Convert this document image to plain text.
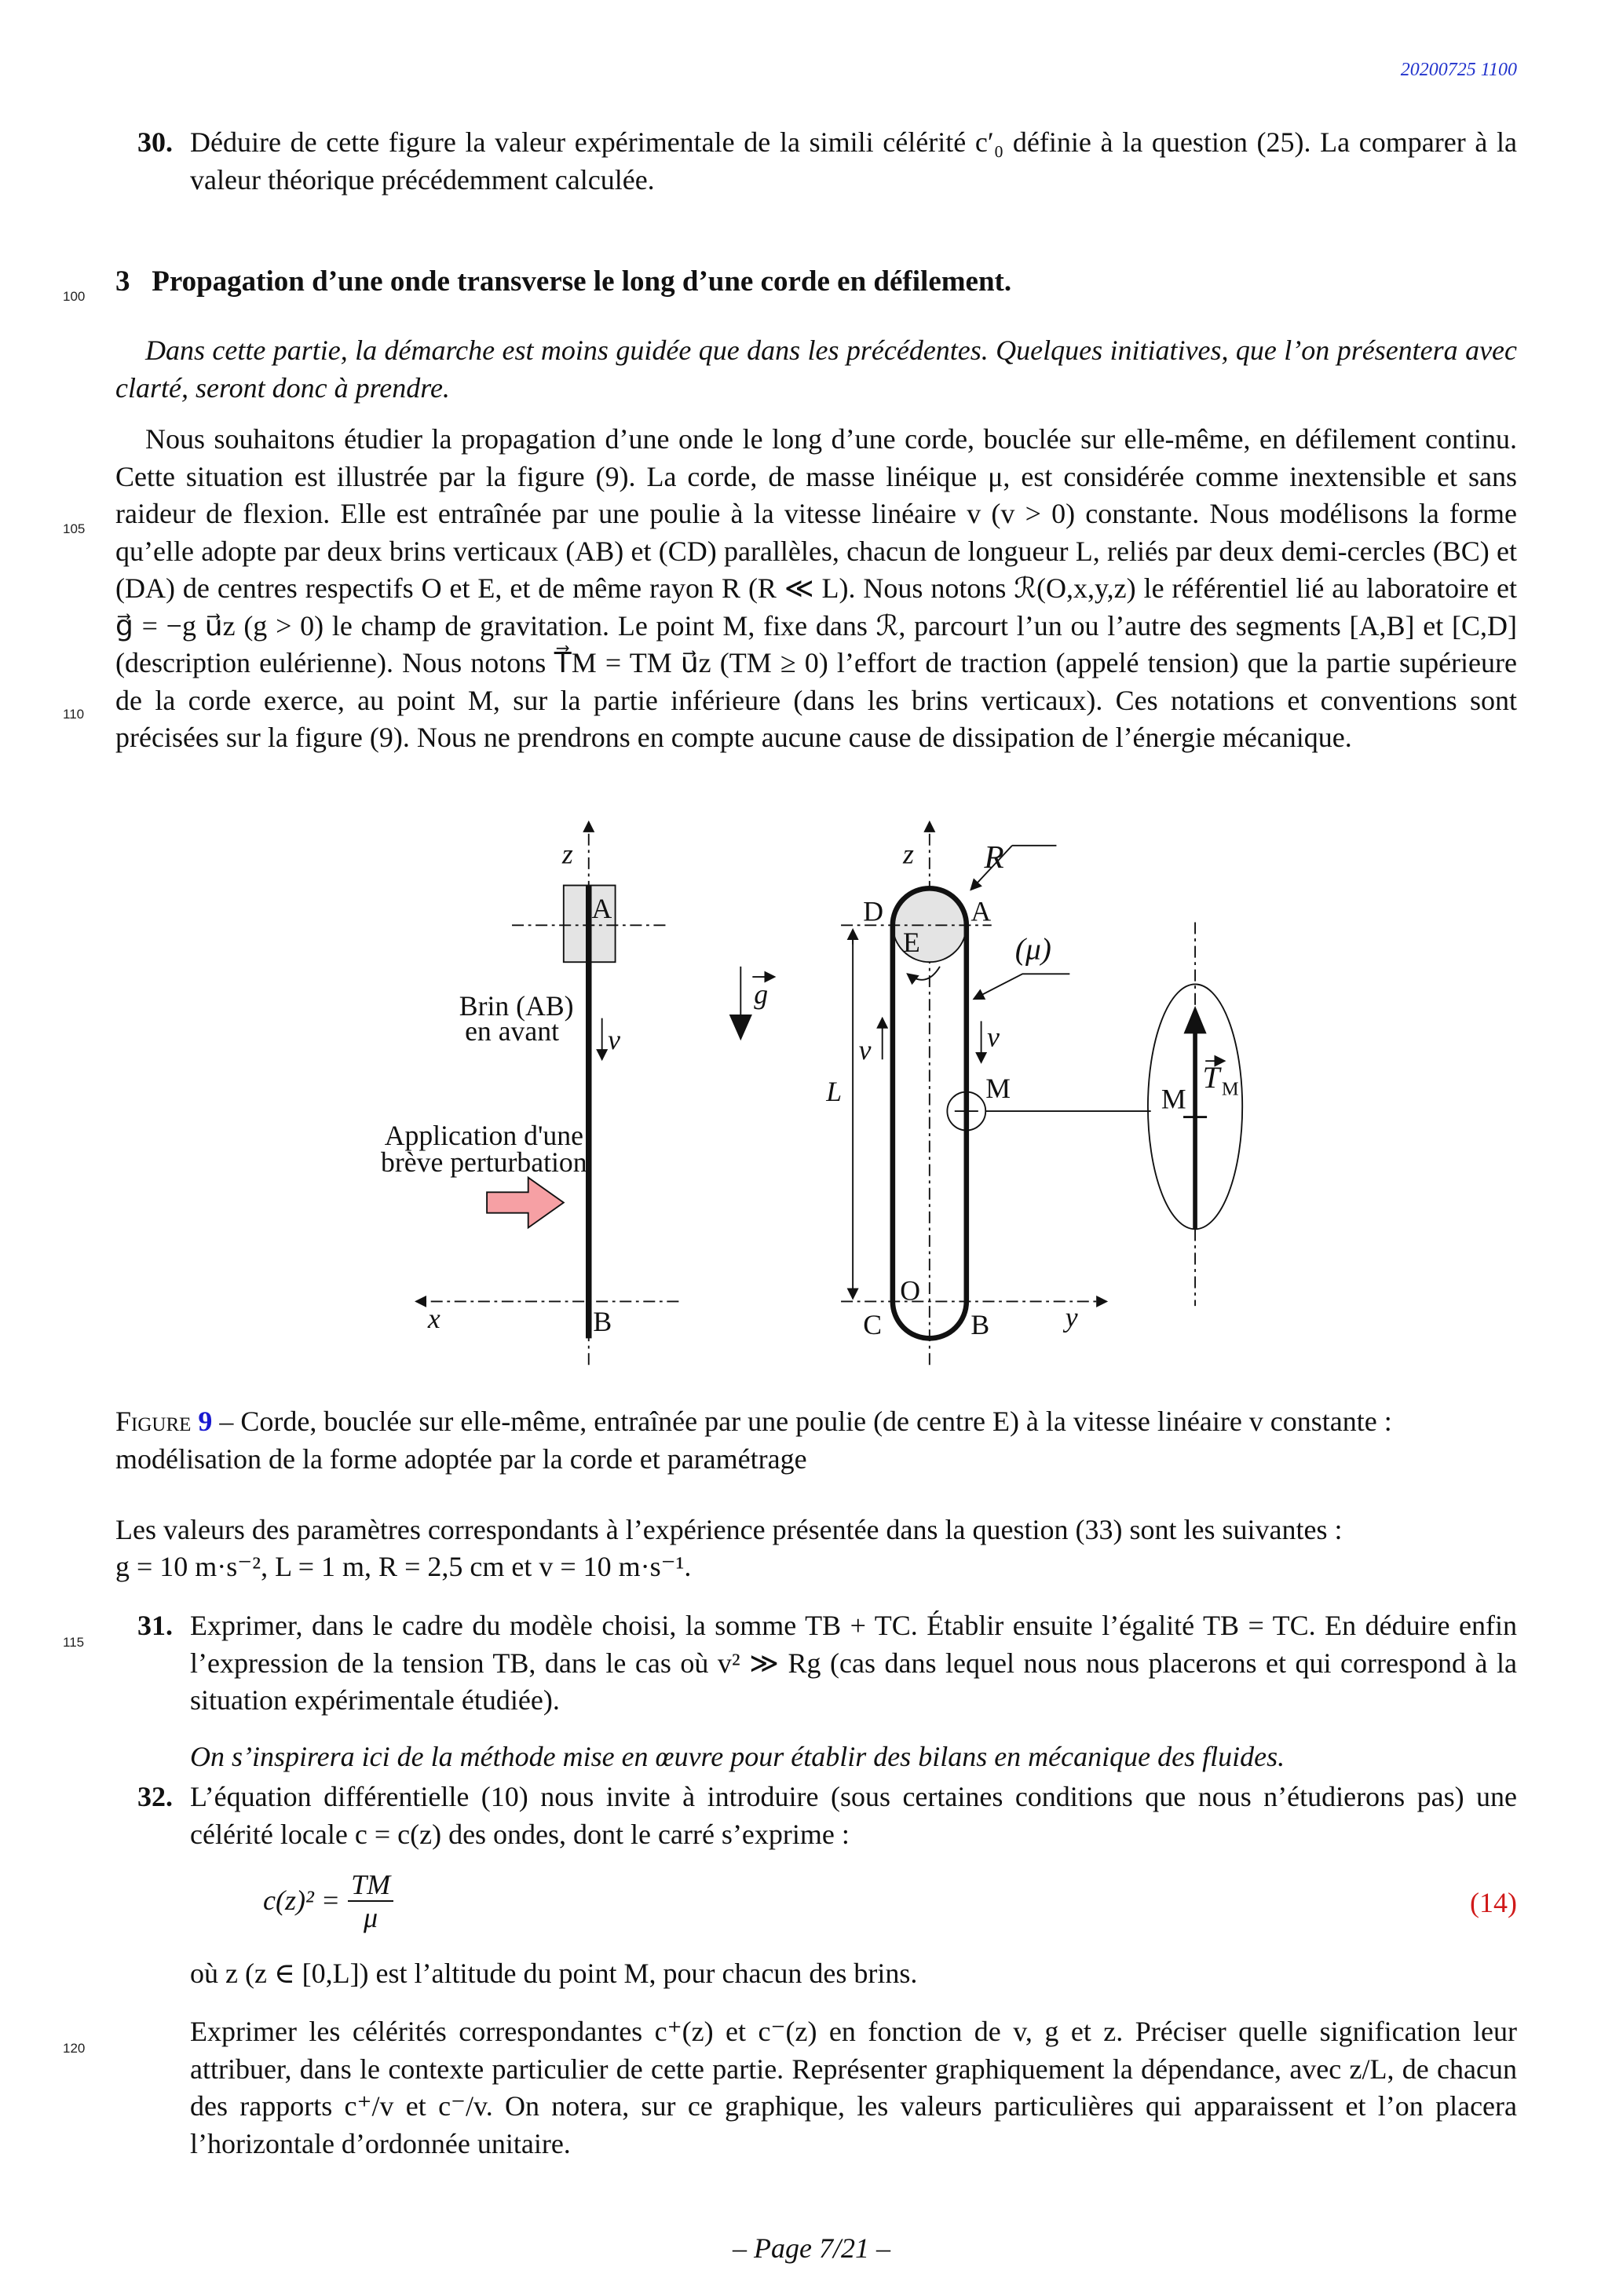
20200725 1100
30. Déduire de cette figure la valeur expérimentale de la simili célérité c′₀ définie à la question (25). La comparer à la valeur théorique précédemment calculée.
100 3 Propagation d’une onde transverse le long d’une corde en défilement.
Dans cette partie, la démarche est moins guidée que dans les précédentes. Quelques initiatives, que l’on présentera avec clarté, seront donc à prendre.
105
110
Nous souhaitons étudier la propagation d’une onde le long d’une corde, bouclée sur elle-même, en défilement continu. Cette situation est illustrée par la figure (9). La corde, de masse linéique μ, est considérée comme inextensible et sans raideur de flexion. Elle est entraînée par une poulie à la vitesse linéaire v (v > 0) constante. Nous modélisons la forme qu’elle adopte par deux brins verticaux (AB) et (CD) parallèles, chacun de longueur L, reliés par deux demi-cercles (BC) et (DA) de centres respectifs O et E, et de même rayon R (R ≪ L). Nous notons ℛ(O,x,y,z) le référentiel lié au laboratoire et g⃗ = −g u⃗z (g > 0) le champ de gravitation. Le point M, fixe dans ℛ, parcourt l’un ou l’autre des segments [A,B] et [C,D] (description eulérienne). Nous notons T⃗M = TM u⃗z (TM ≥ 0) l’effort de traction (appelé tension) que la partie supérieure de la corde exerce, au point M, sur la partie inférieure (dans les brins verticaux). Ces notations et conventions sont précisées sur la figure (9). Nous ne prendrons en compte aucune cause de dissipation de l’énergie mécanique.
z
A
Brin (AB)
en avant	v
Application d'une
brève perturbation
x	B
g
z	R
D	A
E	(μ)
v	v
L	M	M
T M
O
C	B	y
Figure 9 – Corde, bouclée sur elle-même, entraînée par une poulie (de centre E) à la vitesse linéaire v constante : modélisation de la forme adoptée par la corde et paramétrage
Les valeurs des paramètres correspondants à l’expérience présentée dans la question (33) sont les suivantes :
g = 10 m·s⁻², L = 1 m, R = 2,5 cm et v = 10 m·s⁻¹.
115
31. Exprimer, dans le cadre du modèle choisi, la somme TB + TC. Établir ensuite l’égalité TB = TC. En déduire enfin l’expression de la tension TB, dans le cas où v² ≫ Rg (cas dans lequel nous nous placerons et qui correspond à la situation expérimentale étudiée).
On s’inspirera ici de la méthode mise en œuvre pour établir des bilans en mécanique des fluides.
32. L’équation différentielle (10) nous invite à introduire (sous certaines conditions que nous n’étudierons pas) une célérité locale c = c(z) des ondes, dont le carré s’exprime :
$c(z)^2 = \frac{TM}{\mu}$	(14)
où z (z ∈ [0,L]) est l’altitude du point M, pour chacun des brins.
120
Exprimer les célérités correspondantes c⁺(z) et c⁻(z) en fonction de v, g et z. Préciser quelle signification leur attribuer, dans le contexte particulier de cette partie. Représenter graphiquement la dépendance, avec z/L, de chacun des rapports c⁺/v et c⁻/v. On notera, sur ce graphique, les valeurs particulières qui apparaissent et l’on placera l’horizontale d’ordonnée unitaire.
– Page 7/21 –
